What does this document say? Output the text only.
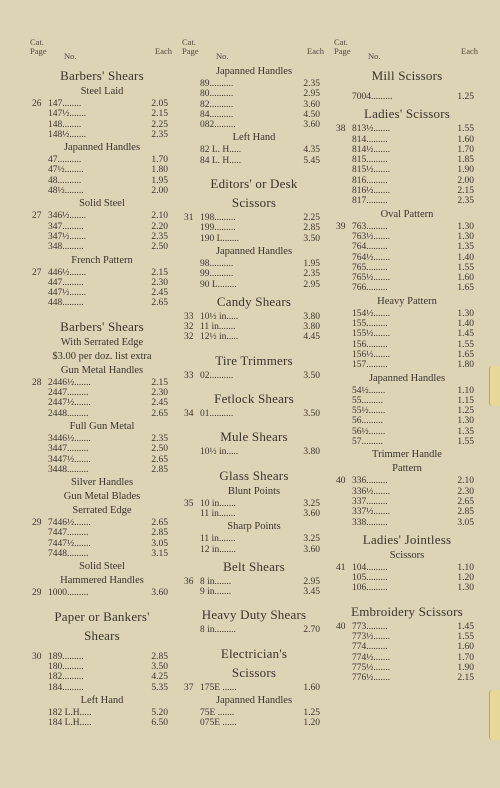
Cat.
Page No.	Each
Barbers' Shears
Steel Laid
26 147........	2.05
147½.......	2.15
148........	2.25
148½.......	2.35
Japanned Handles
47..........	1.70
47½........	1.80
48..........	1.95
48½........	2.00
Solid Steel
27 346½.......	2.10
347.........	2.20
347½.......	2.35
348.........	2.50
French Pattern
27 446½.......	2.15
447.........	2.30
447½.......	2.45
448.........	2.65
Barbers' Shears
With Serrated Edge
$3.00 per doz. list extra
Gun Metal Handles
28 2446½.......	2.15
2447.........	2.30
2447½.......	2.45
2448.........	2.65
Full Gun Metal
3446½.......	2.35
3447.........	2.50
3447½.......	2.65
3448.........	2.85
Silver Handles
Gun Metal Blades
Serrated Edge
29 7446½.......	2.65
7447.........	2.85
7447½.......	3.05
7448.........	3.15
Solid Steel
Hammered Handles
29 1000.........	3.60
Paper or Bankers'
Shears
30 189.........	2.85
180.........	3.50
182.........	4.25
184.........	5.35
Left Hand
182 L.H.....	5.20
184 L.H.....	6.50
Cat.
Page No.	Each
Japanned Handles
89..........	2.35
80..........	2.95
82..........	3.60
84..........	4.50
082.........	3.60
Left Hand
82 L. H.....	4.35
84 L. H.....	5.45
Editors' or Desk
Scissors
31 198.........	2.25
199.........	2.85
190 L.......	3.50
Japanned Handles
98..........	1.95
99..........	2.35
90 L........	2.95
Candy Shears
33 10½ in.....	3.80
32 11 in.......	3.80
32 12½ in.....	4.45
Tire Trimmers
33 02..........	3.50
Fetlock Shears
34 01..........	3.50
Mule Shears
10½ in.....	3.80
Glass Shears
Blunt Points
35 10 in.......	3.25
11 in.......	3.60
Sharp Points
11 in.......	3.25
12 in.......	3.60
Belt Shears
36 8 in.......	2.95
9 in.......	3.45
Heavy Duty Shears
8 in.........	2.70
Electrician's
Scissors
37 175E ......	1.60
Japanned Handles
75E .......	1.25
075E ......	1.20
Cat.
Page No.	Each
Mill Scissors
7004.........	1.25
Ladies' Scissors
38 813½.......	1.55
814.........	1.60
814½.......	1.70
815.........	1.85
815½.......	1.90
816.........	2.00
816½.......	2.15
817.........	2.35
Oval Pattern
39 763.........	1.30
763½.......	1.30
764.........	1.35
764½.......	1.40
765.........	1.55
765½.......	1.60
766.........	1.65
Heavy Pattern
154½.......	1.30
155.........	1.40
155½.......	1.45
156.........	1.55
156½.......	1.65
157.........	1.80
Japanned Handles
54½.......	1.10
55.........	1.15
55½.......	1.25
56.........	1.30
56½.......	1.35
57.........	1.55
Trimmer Handle
Pattern
40 336.........	2.10
336½.......	2.30
337.........	2.65
337½.......	2.85
338.........	3.05
Ladies' Jointless
Scissors
41 104.........	1.10
105.........	1.20
106.........	1.30
Embroidery Scissors
40 773.........	1.45
773½.......	1.55
774.........	1.60
774½.......	1.70
775½.......	1.90
776½.......	2.15
